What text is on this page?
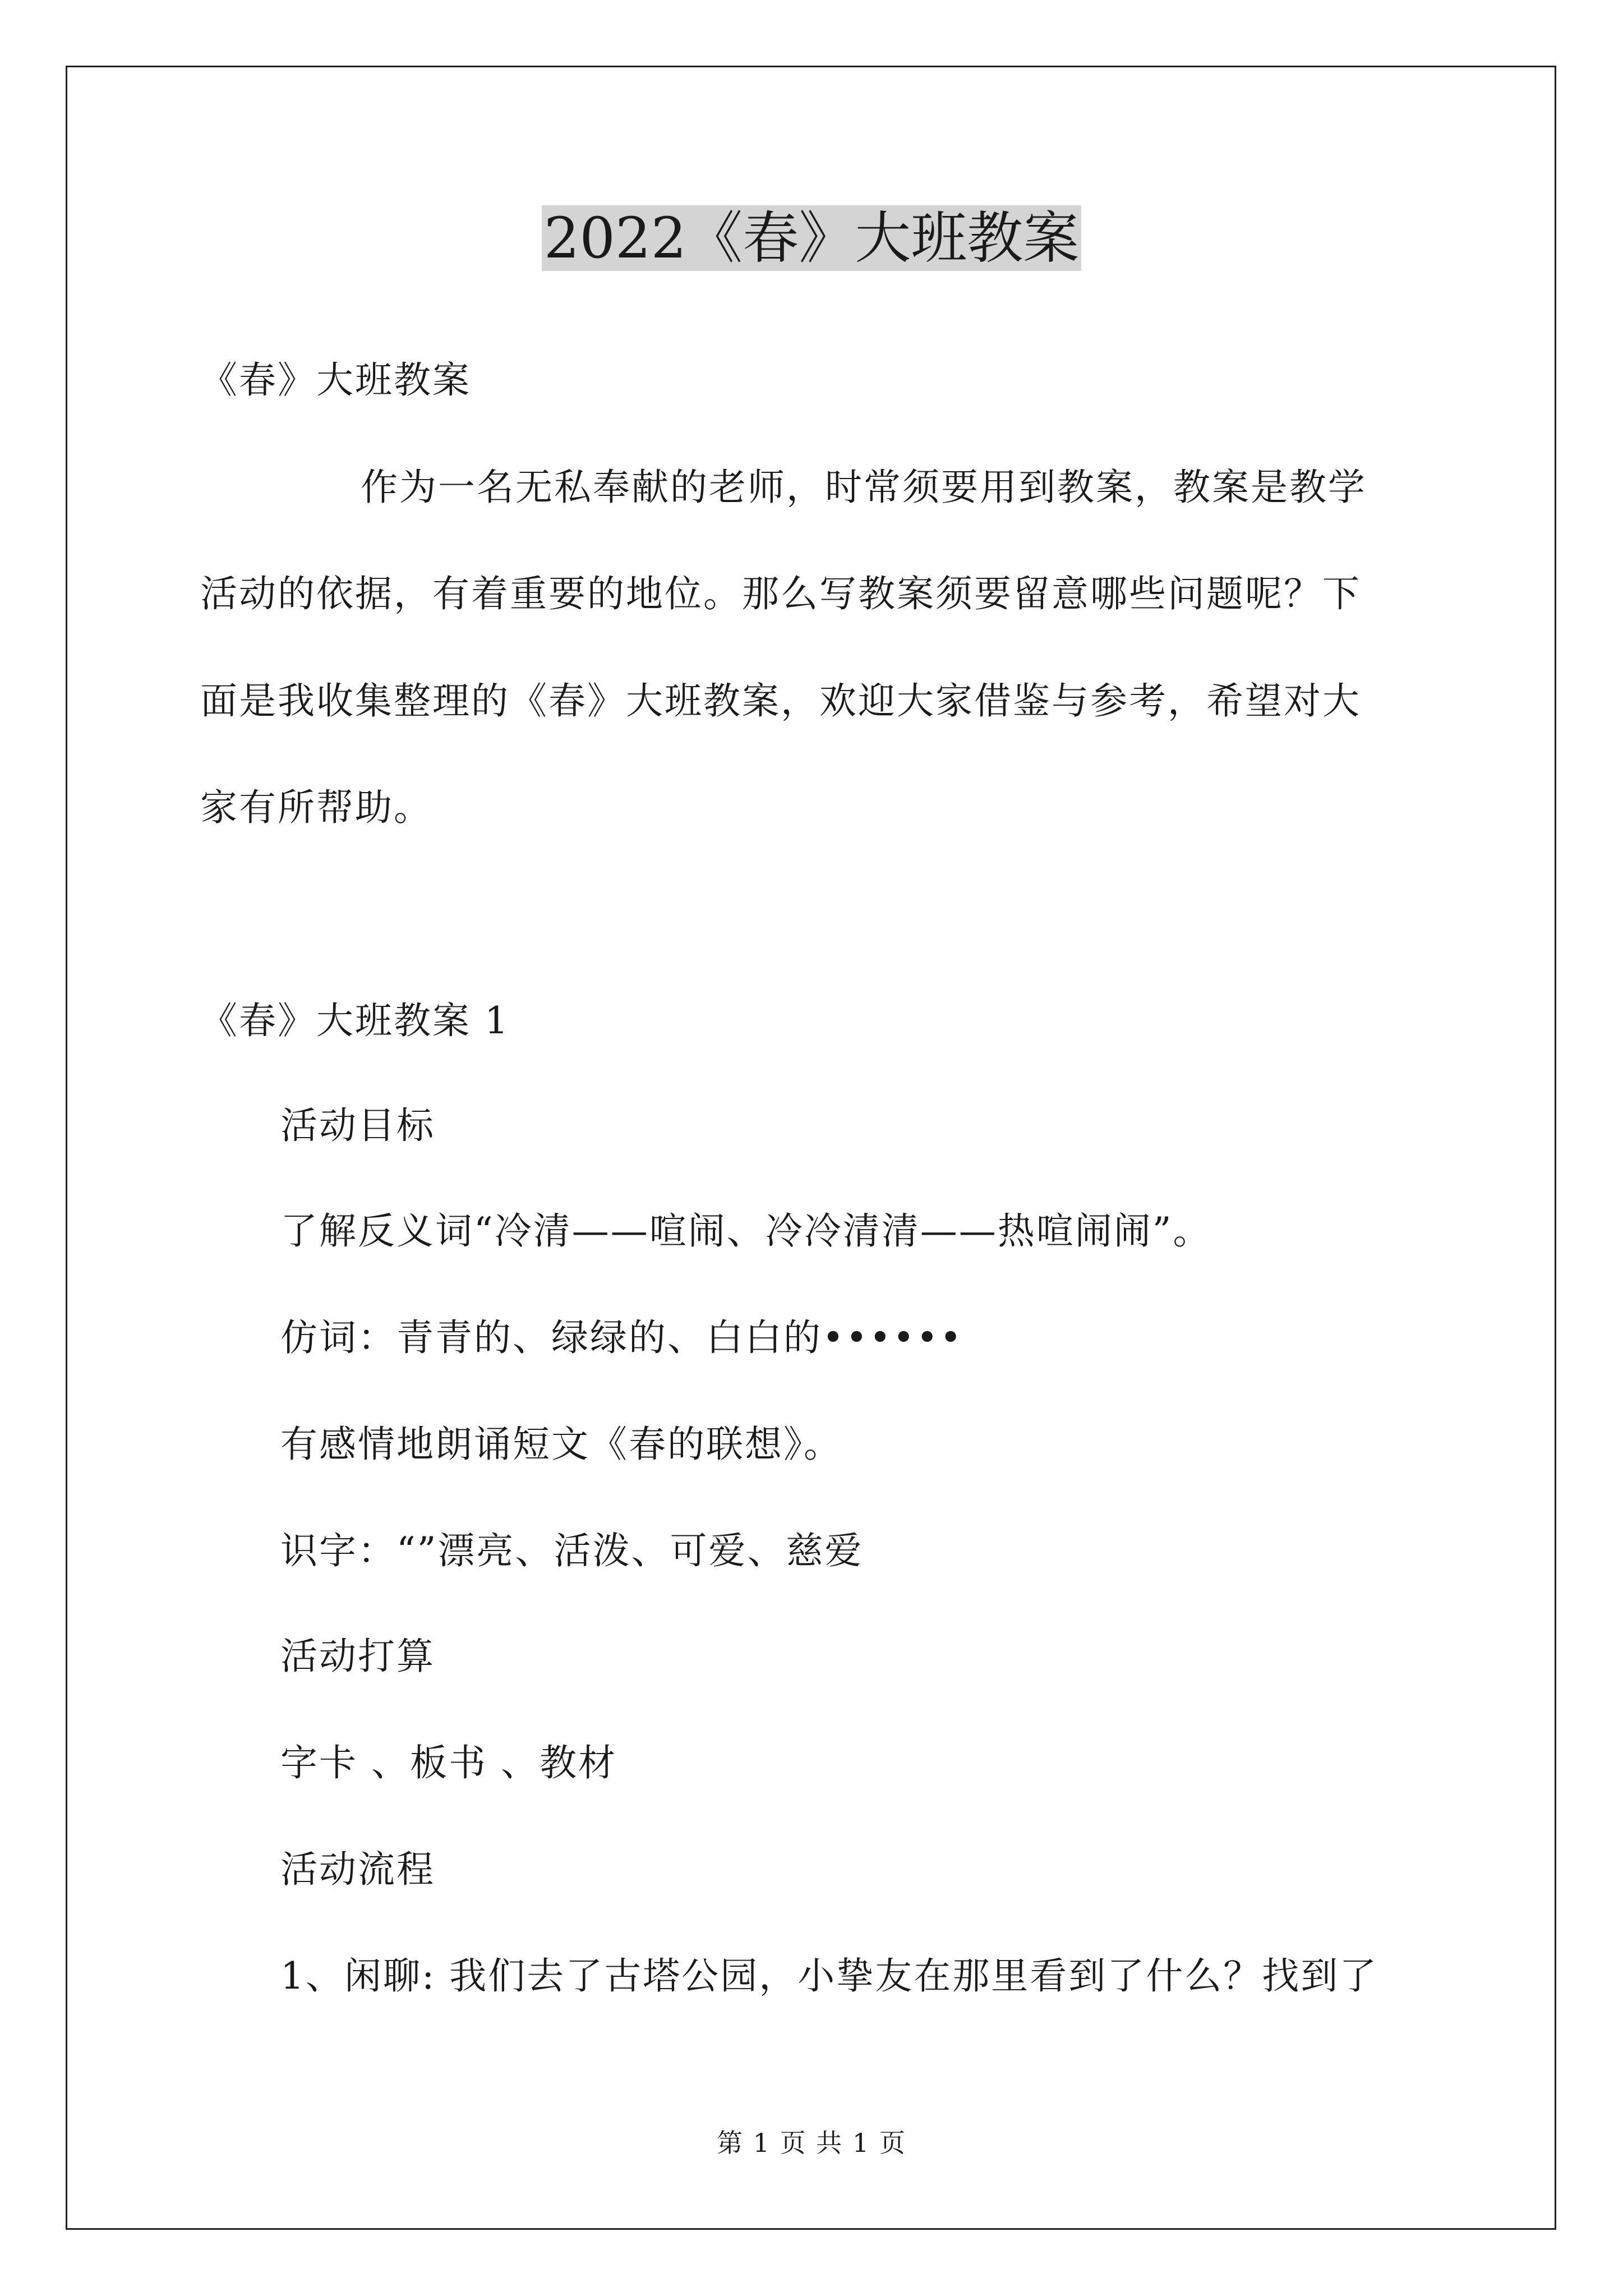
2022《春》大班教案
《春》大班教案
作为一名无私奉献的老师，时常须要用到教案，教案是教学
活动的依据，有着重要的地位。那么写教案须要留意哪些问题呢？下
面是我收集整理的《春》大班教案，欢迎大家借鉴与参考，希望对大
家有所帮助。
《春》大班教案 1
活动目标
了解反义词“冷清——喧闹、冷冷清清——热喧闹闹”。
仿词：青青的、绿绿的、白白的••••••
有感情地朗诵短文《春的联想》。
识字：“”漂亮、活泼、可爱、慈爱
活动打算
字卡 、板书 、教材
活动流程
1、闲聊: 我们去了古塔公园，小挚友在那里看到了什么？找到了
第 1 页 共 1 页
